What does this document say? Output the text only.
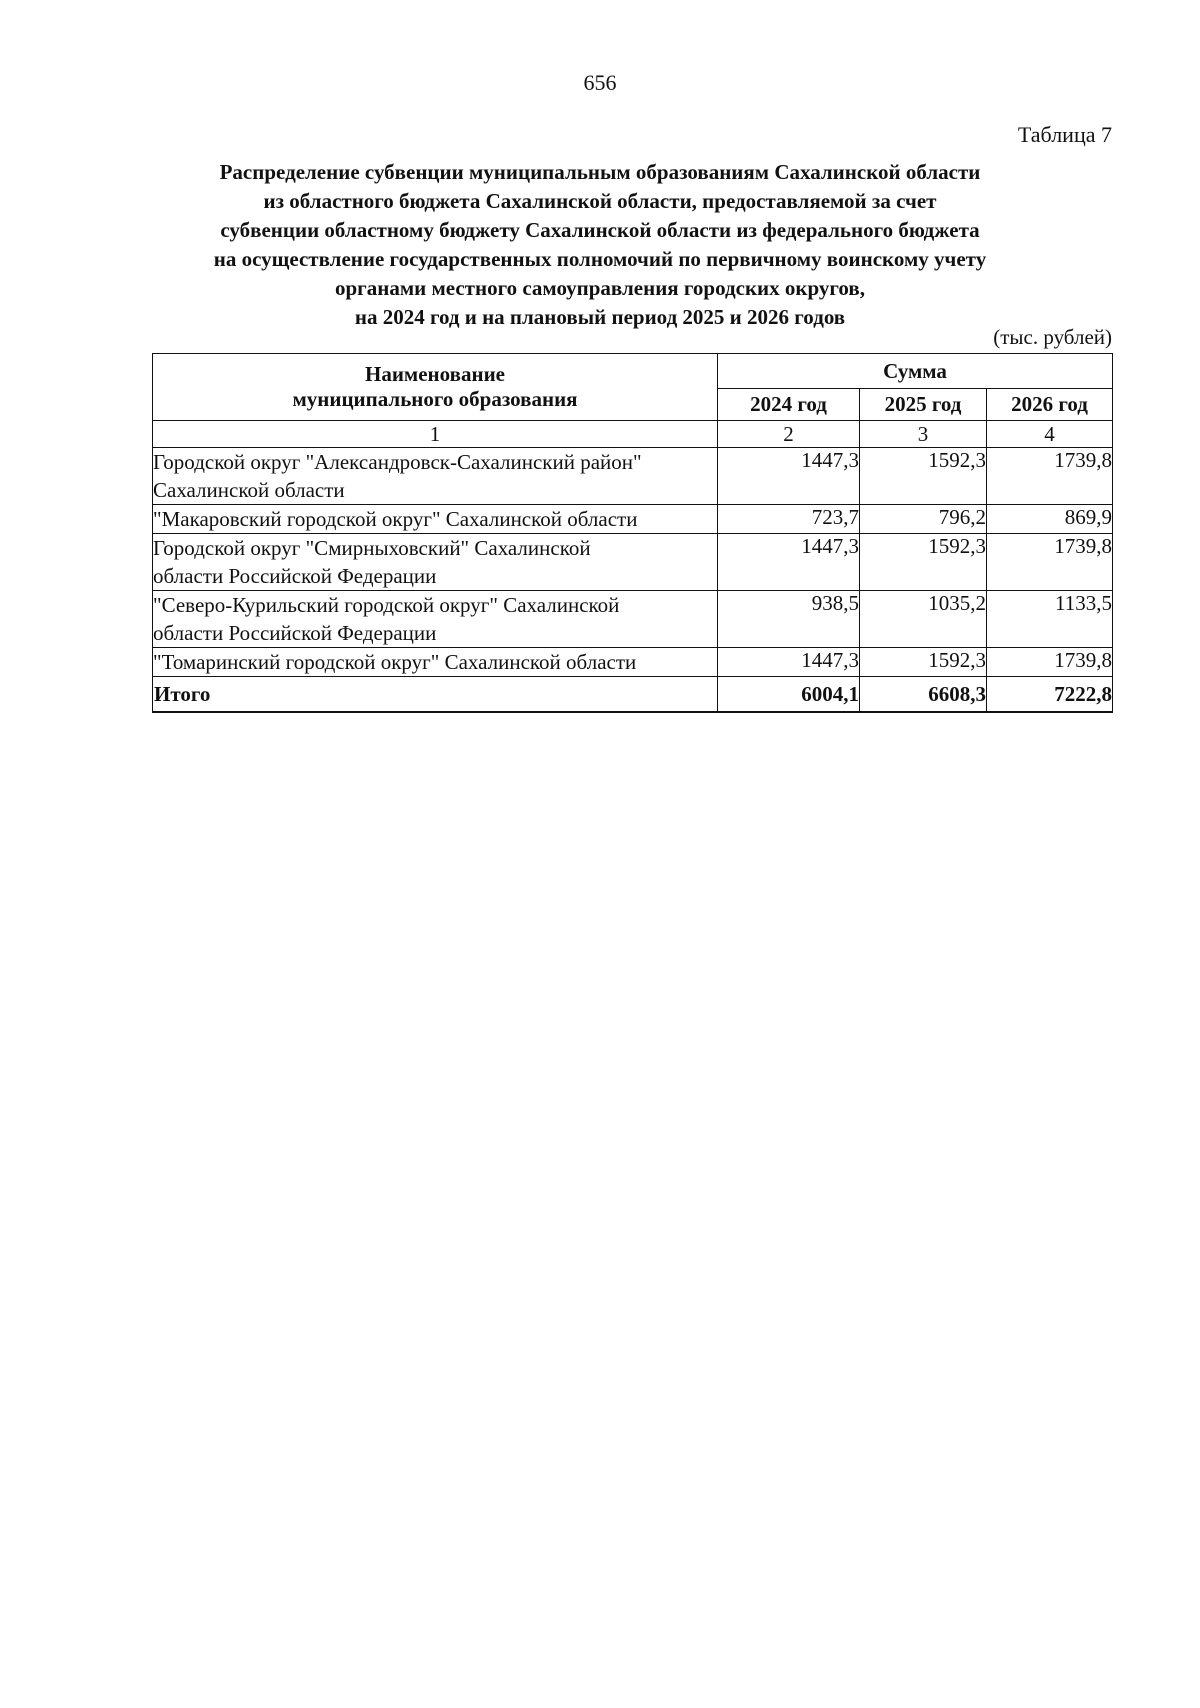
656
Таблица 7
Распределение субвенции муниципальным образованиям Сахалинской области
из областного бюджета Сахалинской области, предоставляемой за счет
субвенции областному бюджету Сахалинской области из федерального бюджета
на осуществление государственных полномочий по первичному воинскому учету
органами местного самоуправления городских округов,
на 2024 год и на плановый период 2025 и 2026 годов
(тыс. рублей)
Наименование
муниципального образования	Сумма		
	2024 год	2025 год	2026 год
1	2	3	4

Городской округ "Александровск-Сахалинский район"
Сахалинской области	1447,3	1592,3	1739,8

"Макаровский городской округ" Сахалинской области	723,7	796,2	869,9

Городской округ "Смирныховский" Сахалинской
области Российской Федерации	1447,3	1592,3	1739,8

"Северо-Курильский городской округ" Сахалинской
области Российской Федерации	938,5	1035,2	1133,5

"Томаринский городской округ" Сахалинской области	1447,3	1592,3	1739,8
Итого	6004,1	6608,3	7222,8
